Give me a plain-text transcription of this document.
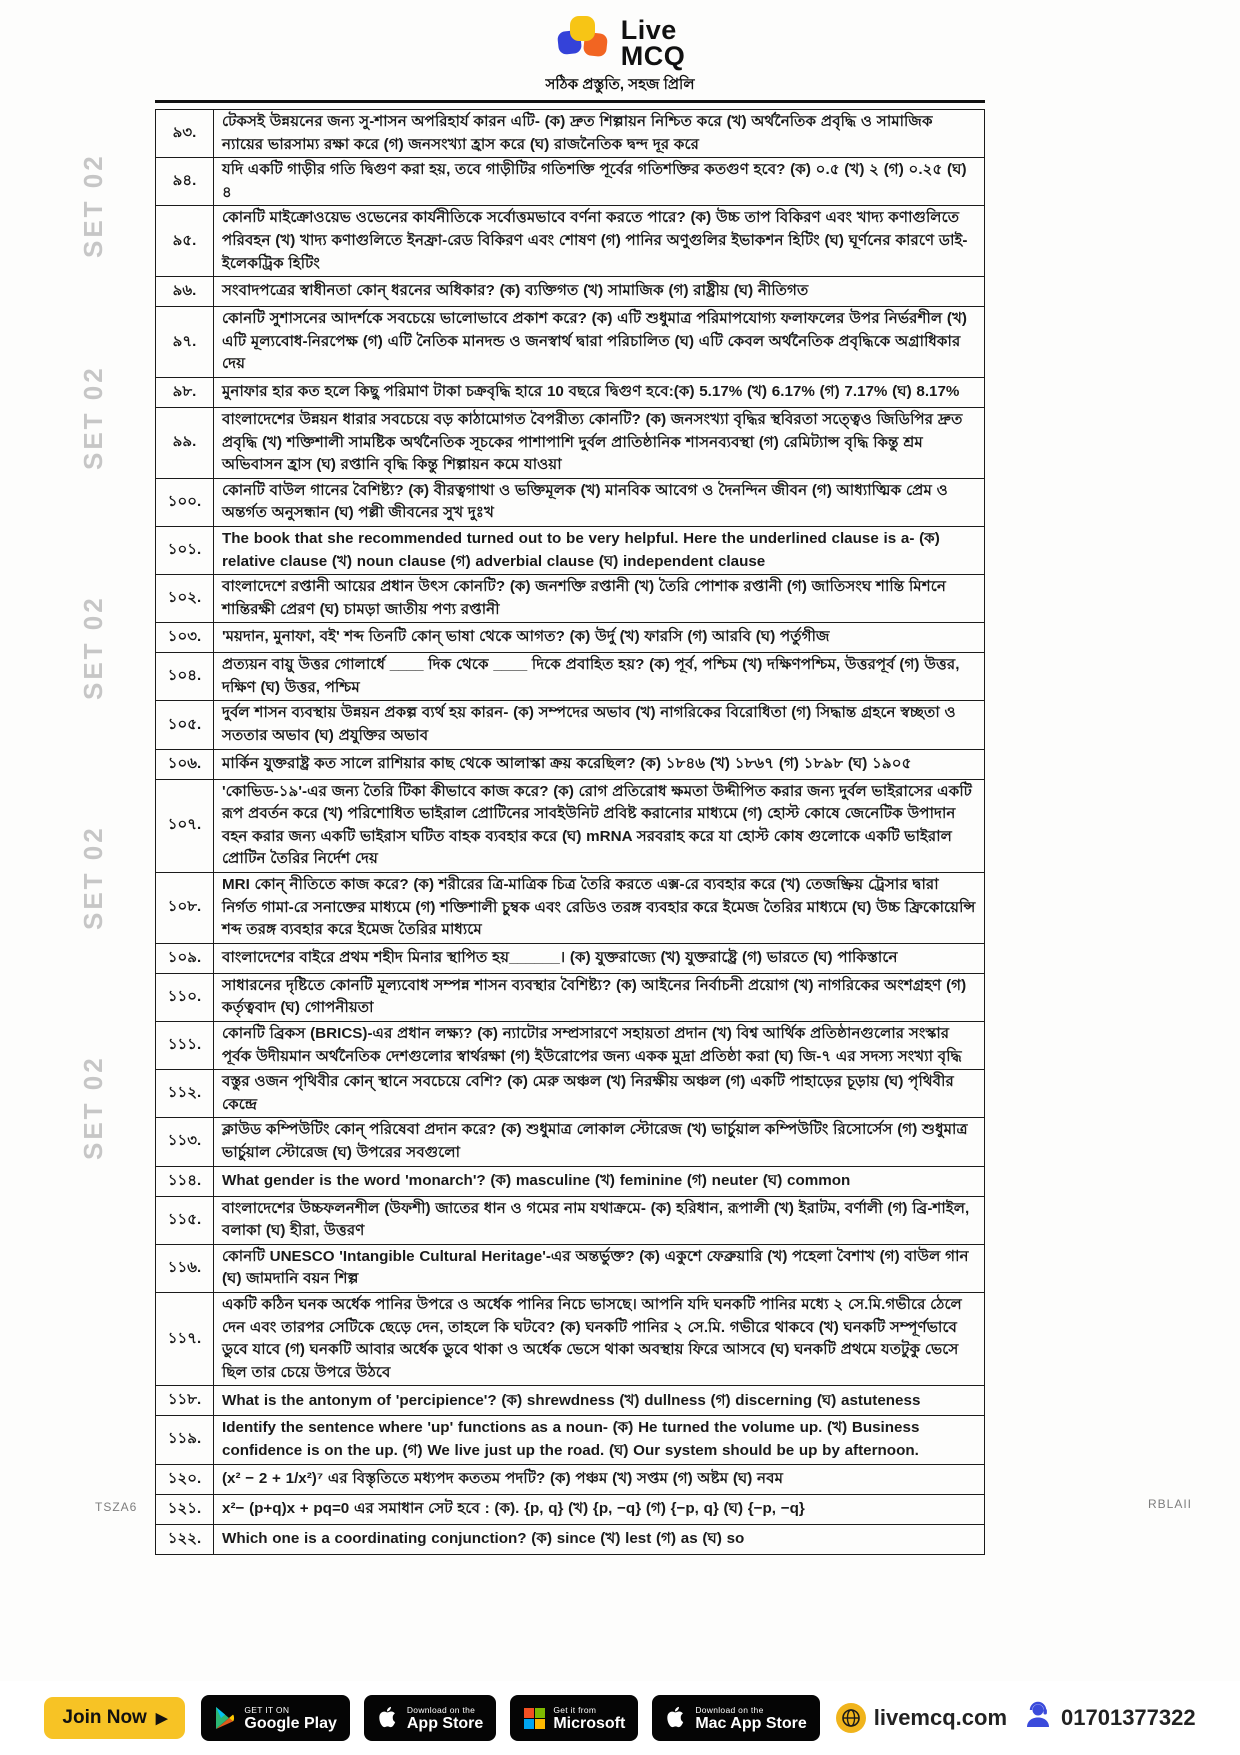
SET 02
SET 02
SET 02
SET 02
SET 02
Live
MCQ
সঠিক প্রস্তুতি, সহজ প্রিলি
৯৩.	টেকসই উন্নয়নের জন্য সু-শাসন অপরিহার্য কারন এটি- (ক) দ্রুত শিল্পায়ন নিশ্চিত করে (খ) অর্থনৈতিক প্রবৃদ্ধি ও সামাজিক ন্যায়ের ভারসাম্য রক্ষা করে (গ) জনসংখ্যা হ্রাস করে (ঘ) রাজনৈতিক দ্বন্দ দূর করে
৯৪.	যদি একটি গাড়ীর গতি দ্বিগুণ করা হয়, তবে গাড়ীটির গতিশক্তি পূর্বের গতিশক্তির কতগুণ হবে? (ক) ০.৫ (খ) ২ (গ) ০.২৫ (ঘ) ৪
৯৫.	কোনটি মাইক্রোওয়েভ ওভেনের কার্যনীতিকে সর্বোত্তমভাবে বর্ণনা করতে পারে? (ক) উচ্চ তাপ বিকিরণ এবং খাদ্য কণাগুলিতে পরিবহন (খ) খাদ্য কণাগুলিতে ইনফ্রা-রেড বিকিরণ এবং শোষণ (গ) পানির অণুগুলির ইভাকশন হিটিং (ঘ) ঘূর্ণনের কারণে ডাই-ইলেকট্রিক হিটিং
৯৬.	সংবাদপত্রের স্বাধীনতা কোন্ ধরনের অধিকার? (ক) ব্যক্তিগত (খ) সামাজিক (গ) রাষ্ট্রীয় (ঘ) নীতিগত
৯৭.	কোনটি সুশাসনের আদর্শকে সবচেয়ে ভালোভাবে প্রকাশ করে? (ক) এটি শুধুমাত্র পরিমাপযোগ্য ফলাফলের উপর নির্ভরশীল (খ) এটি মূল্যবোধ-নিরপেক্ষ (গ) এটি নৈতিক মানদন্ড ও জনস্বার্থ দ্বারা পরিচালিত (ঘ) এটি কেবল অর্থনৈতিক প্রবৃদ্ধিকে অগ্রাধিকার দেয়
৯৮.	মুনাফার হার কত হলে কিছু পরিমাণ টাকা চক্রবৃদ্ধি হারে 10 বছরে দ্বিগুণ হবে:(ক) 5.17% (খ) 6.17% (গ) 7.17% (ঘ) 8.17%
৯৯.	বাংলাদেশের উন্নয়ন ধারার সবচেয়ে বড় কাঠামোগত বৈপরীত্য কোনটি? (ক) জনসংখ্যা বৃদ্ধির স্থবিরতা সত্ত্বেও জিডিপির দ্রুত প্রবৃদ্ধি (খ) শক্তিশালী সামষ্টিক অর্থনৈতিক সূচকের পাশাপাশি দুর্বল প্রাতিষ্ঠানিক শাসনব্যবস্থা (গ) রেমিট্যান্স বৃদ্ধি কিন্তু শ্রম অভিবাসন হ্রাস (ঘ) রপ্তানি বৃদ্ধি কিন্তু শিল্পায়ন কমে যাওয়া
১০০.	কোনটি বাউল গানের বৈশিষ্ট্য? (ক) বীরত্বগাথা ও ভক্তিমূলক (খ) মানবিক আবেগ ও দৈনন্দিন জীবন (গ) আধ্যাত্মিক প্রেম ও অন্তর্গত অনুসন্ধান (ঘ) পল্লী জীবনের সুখ দুঃখ
১০১.	The book that she recommended turned out to be very helpful. Here the underlined clause is a- (ক) relative clause (খ) noun clause (গ) adverbial clause (ঘ) independent clause
১০২.	বাংলাদেশে রপ্তানী আয়ের প্রধান উৎস কোনটি? (ক) জনশক্তি রপ্তানী (খ) তৈরি পোশাক রপ্তানী (গ) জাতিসংঘ শান্তি মিশনে শান্তিরক্ষী প্রেরণ (ঘ) চামড়া জাতীয় পণ্য রপ্তানী
১০৩.	'ময়দান, মুনাফা, বই' শব্দ তিনটি কোন্ ভাষা থেকে আগত? (ক) উর্দু (খ) ফারসি (গ) আরবি (ঘ) পর্তুগীজ
১০৪.	প্রত্যয়ন বায়ু উত্তর গোলার্ধে ____ দিক থেকে ____ দিকে প্রবাহিত হয়? (ক) পূর্ব, পশ্চিম (খ) দক্ষিণপশ্চিম, উত্তরপূর্ব (গ) উত্তর, দক্ষিণ (ঘ) উত্তর, পশ্চিম
১০৫.	দুর্বল শাসন ব্যবস্থায় উন্নয়ন প্রকল্প ব্যর্থ হয় কারন- (ক) সম্পদের অভাব (খ) নাগরিকের বিরোধিতা (গ) সিদ্ধান্ত গ্রহনে স্বচ্ছতা ও সততার অভাব (ঘ) প্রযুক্তির অভাব
১০৬.	মার্কিন যুক্তরাষ্ট্র কত সালে রাশিয়ার কাছ থেকে আলাস্কা ক্রয় করেছিল? (ক) ১৮৪৬ (খ) ১৮৬৭ (গ) ১৮৯৮ (ঘ) ১৯০৫
১০৭.	'কোভিড-১৯'-এর জন্য তৈরি টিকা কীভাবে কাজ করে? (ক) রোগ প্রতিরোধ ক্ষমতা উদ্দীপিত করার জন্য দুর্বল ভাইরাসের একটি রূপ প্রবর্তন করে (খ) পরিশোধিত ভাইরাল প্রোটিনের সাবইউনিট প্রবিষ্ট করানোর মাধ্যমে (গ) হোস্ট কোষে জেনেটিক উপাদান বহন করার জন্য একটি ভাইরাস ঘটিত বাহক ব্যবহার করে (ঘ) mRNA সরবরাহ করে যা হোস্ট কোষ গুলোকে একটি ভাইরাল প্রোটিন তৈরির নির্দেশ দেয়
১০৮.	MRI কোন্ নীতিতে কাজ করে? (ক) শরীরের ত্রি-মাত্রিক চিত্র তৈরি করতে এক্স-রে ব্যবহার করে (খ) তেজষ্ক্রিয় ট্রেসার দ্বারা নির্গত গামা-রে সনাক্তের মাধ্যমে (গ) শক্তিশালী চুম্বক এবং রেডিও তরঙ্গ ব্যবহার করে ইমেজ তৈরির মাধ্যমে (ঘ) উচ্চ ফ্রিকোয়েন্সি শব্দ তরঙ্গ ব্যবহার করে ইমেজ তৈরির মাধ্যমে
১০৯.	বাংলাদেশের বাইরে প্রথম শহীদ মিনার স্থাপিত হয়______। (ক) যুক্তরাজ্যে (খ) যুক্তরাষ্ট্রে (গ) ভারতে (ঘ) পাকিস্তানে
১১০.	সাধারনের দৃষ্টিতে কোনটি মূল্যবোধ সম্পন্ন শাসন ব্যবস্থার বৈশিষ্ট্য? (ক) আইনের নির্বাচনী প্রয়োগ (খ) নাগরিকের অংশগ্রহণ (গ) কর্তৃত্ববাদ (ঘ) গোপনীয়তা
১১১.	কোনটি ব্রিকস (BRICS)-এর প্রধান লক্ষ্য? (ক) ন্যাটোর সম্প্রসারণে সহায়তা প্রদান (খ) বিশ্ব আর্থিক প্রতিষ্ঠানগুলোর সংস্কার পূর্বক উদীয়মান অর্থনৈতিক দেশগুলোর স্বার্থরক্ষা (গ) ইউরোপের জন্য একক মুদ্রা প্রতিষ্ঠা করা (ঘ) জি-৭ এর সদস্য সংখ্যা বৃদ্ধি
১১২.	বস্তুর ওজন পৃথিবীর কোন্ স্থানে সবচেয়ে বেশি? (ক) মেরু অঞ্চল (খ) নিরক্ষীয় অঞ্চল (গ) একটি পাহাড়ের চূড়ায় (ঘ) পৃথিবীর কেন্দ্রে
১১৩.	ক্লাউড কম্পিউটিং কোন্ পরিষেবা প্রদান করে? (ক) শুধুমাত্র লোকাল স্টোরেজ (খ) ভার্চুয়াল কম্পিউটিং রিসোর্সেস (গ) শুধুমাত্র ভার্চুয়াল স্টোরেজ (ঘ) উপরের সবগুলো
১১৪.	What gender is the word 'monarch'? (ক) masculine (খ) feminine (গ) neuter (ঘ) common
১১৫.	বাংলাদেশের উচ্চফলনশীল (উফশী) জাতের ধান ও গমের নাম যথাক্রমে- (ক) হরিধান, রূপালী (খ) ইরাটম, বর্ণালী (গ) ব্রি-শাইল, বলাকা (ঘ) হীরা, উত্তরণ
১১৬.	কোনটি UNESCO 'Intangible Cultural Heritage'-এর অন্তর্ভুক্ত? (ক) একুশে ফেব্রুয়ারি (খ) পহেলা বৈশাখ (গ) বাউল গান (ঘ) জামদানি বয়ন শিল্প
১১৭.	একটি কঠিন ঘনক অর্ধেক পানির উপরে ও অর্ধেক পানির নিচে ভাসছে। আপনি যদি ঘনকটি পানির মধ্যে ২ সে.মি.গভীরে ঠেলে দেন এবং তারপর সেটিকে ছেড়ে দেন, তাহলে কি ঘটবে? (ক) ঘনকটি পানির ২ সে.মি. গভীরে থাকবে (খ) ঘনকটি সম্পূর্ণভাবে ডুবে যাবে (গ) ঘনকটি আবার অর্ধেক ডুবে থাকা ও অর্ধেক ভেসে থাকা অবস্থায় ফিরে আসবে (ঘ) ঘনকটি প্রথমে যতটুকু ভেসে ছিল তার চেয়ে উপরে উঠবে
১১৮.	What is the antonym of 'percipience'? (ক) shrewdness (খ) dullness (গ) discerning (ঘ) astuteness
১১৯.	Identify the sentence where 'up' functions as a noun- (ক) He turned the volume up. (খ) Business confidence is on the up. (গ) We live just up the road. (ঘ) Our system should be up by afternoon.
১২০.	(x² − 2 + 1/x²)⁷ এর বিস্তৃতিতে মধ্যপদ কততম পদটি? (ক) পঞ্চম (খ) সপ্তম (গ) অষ্টম (ঘ) নবম
১২১.	x²− (p+q)x + pq=0 এর সমাধান সেট হবে : (ক). {p, q} (খ) {p, −q} (গ) {−p, q} (ঘ) {−p, −q}
১২২.	Which one is a coordinating conjunction? (ক) since (খ) lest (গ) as (ঘ) so
TSZA6	RBLAII
Join Now ▶
GET IT ON
Google Play
Download on the
App Store
Get it from
Microsoft
Download on the
Mac App Store	livemcq.com 01701377322
